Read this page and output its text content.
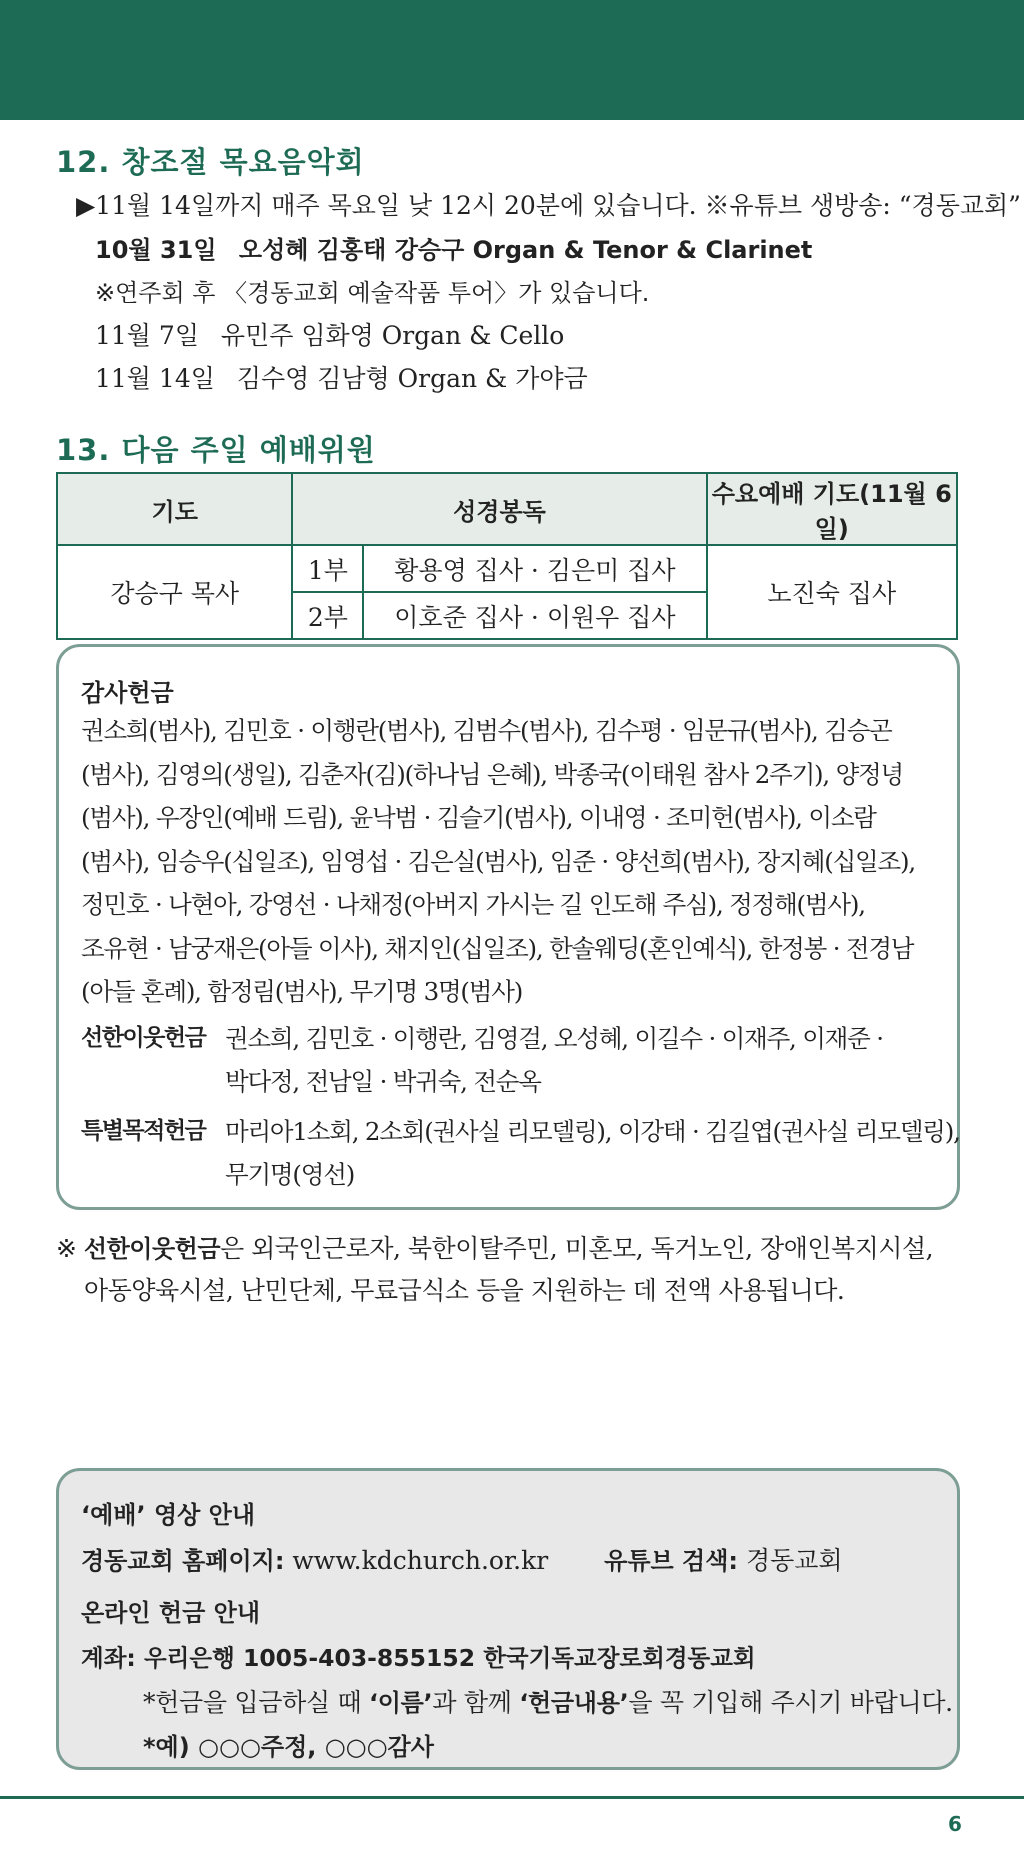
12. 창조절 목요음악회
▶11월 14일까지 매주 목요일 낮 12시 20분에 있습니다. ※유튜브 생방송: “경동교회”
10월 31일 오성혜 김홍태 강승구 Organ & Tenor & Clarinet
※연주회 후 〈경동교회 예술작품 투어〉가 있습니다.
11월 7일 유민주 임화영 Organ & Cello
11월 14일 김수영 김남형 Organ & 가야금
13. 다음 주일 예배위원
기도	성경봉독		수요예배 기도(11월 6일)
강승구 목사	1부	황용영 집사 · 김은미 집사	노진숙 집사
	2부	이호준 집사 · 이원우 집사	
감사헌금
권소희(범사), 김민호 · 이행란(범사), 김범수(범사), 김수평 · 임문규(범사), 김승곤
(범사), 김영의(생일), 김춘자(김)(하나님 은혜), 박종국(이태원 참사 2주기), 양정녕
(범사), 우장인(예배 드림), 윤낙범 · 김슬기(범사), 이내영 · 조미헌(범사), 이소람
(범사), 임승우(십일조), 임영섭 · 김은실(범사), 임준 · 양선희(범사), 장지혜(십일조),
정민호 · 나현아, 강영선 · 나채정(아버지 가시는 길 인도해 주심), 정정해(범사),
조유현 · 남궁재은(아들 이사), 채지인(십일조), 한솔웨딩(혼인예식), 한정봉 · 전경남
(아들 혼례), 함정림(범사), 무기명 3명(범사)
선한이웃헌금 권소희, 김민호 · 이행란, 김영걸, 오성혜, 이길수 · 이재주, 이재준 ·
박다정, 전남일 · 박귀숙, 전순옥
특별목적헌금 마리아1소회, 2소회(권사실 리모델링), 이강태 · 김길엽(권사실 리모델링),
무기명(영선)
※ 선한이웃헌금은 외국인근로자, 북한이탈주민, 미혼모, 독거노인, 장애인복지시설,
아동양육시설, 난민단체, 무료급식소 등을 지원하는 데 전액 사용됩니다.
‘예배’ 영상 안내
경동교회 홈페이지: www.kdchurch.or.kr 유튜브 검색: 경동교회
온라인 헌금 안내
계좌: 우리은행 1005-403-855152 한국기독교장로회경동교회
*헌금을 입금하실 때 ‘이름’과 함께 ‘헌금내용’을 꼭 기입해 주시기 바랍니다.
*예) ○○○주정, ○○○감사
6
